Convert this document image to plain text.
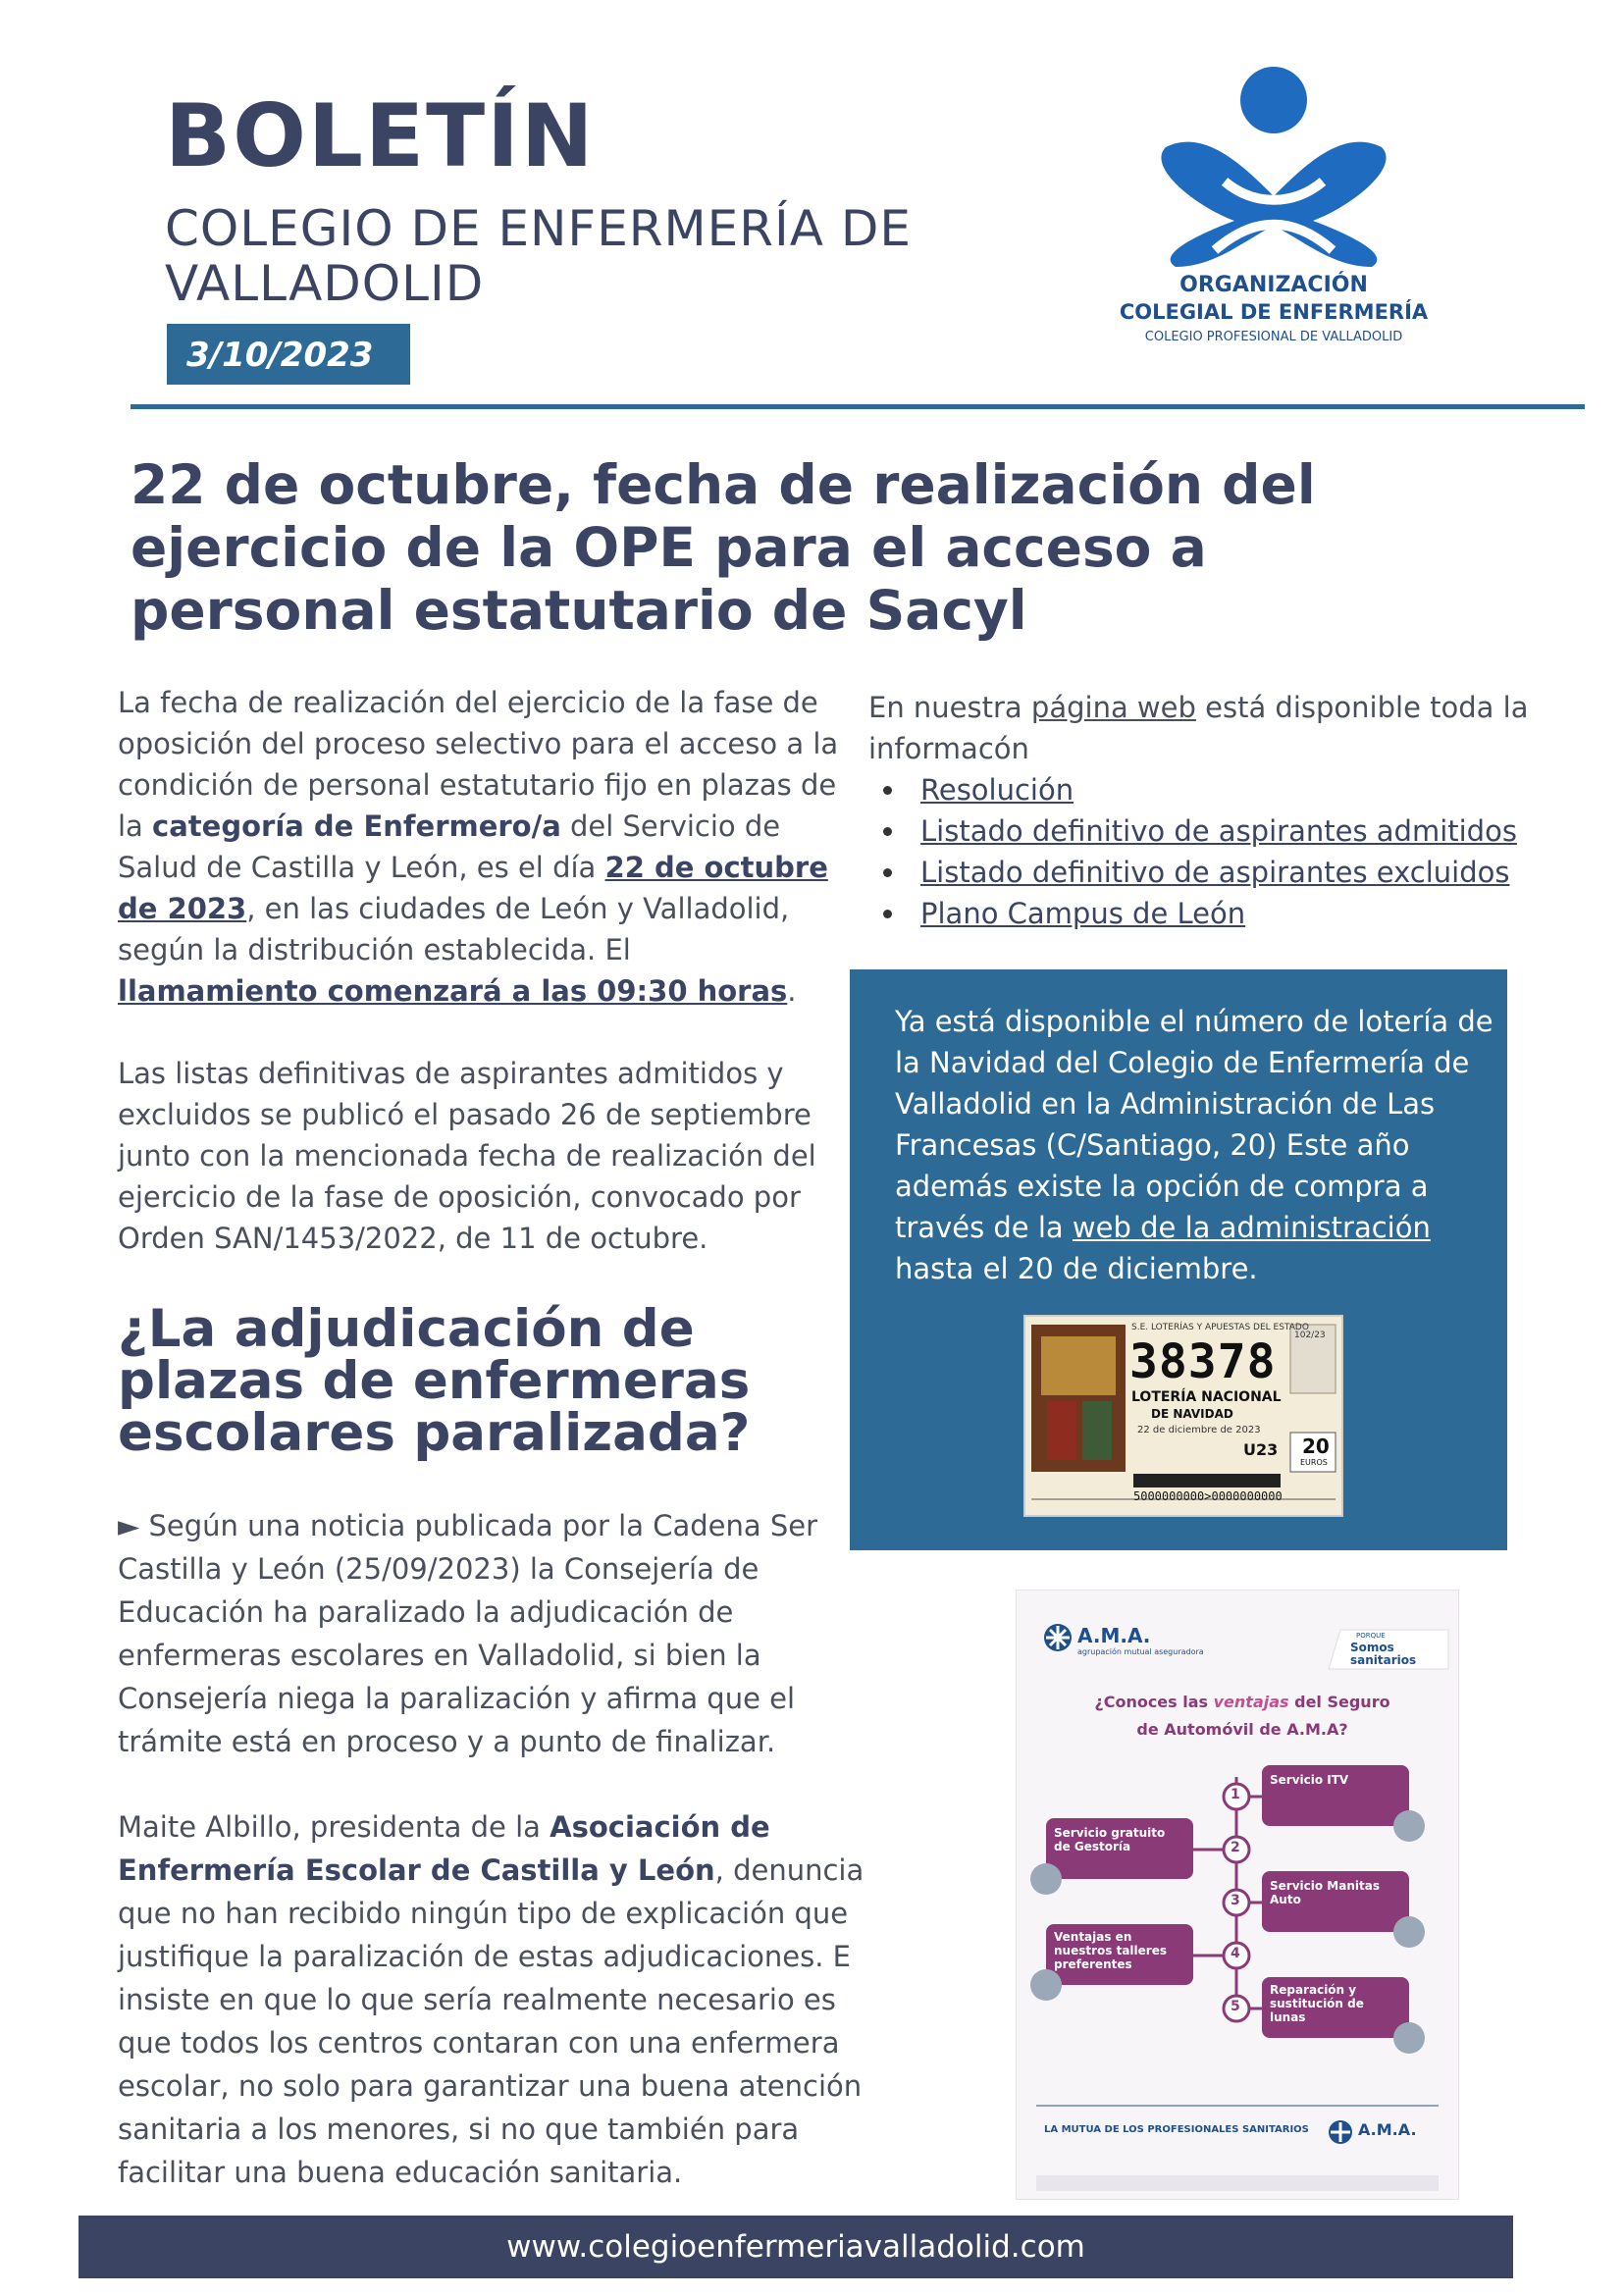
BOLETÍN
COLEGIO DE ENFERMERÍA DE VALLADOLID
3/10/2023
ORGANIZACIÓN
COLEGIAL DE ENFERMERÍA
COLEGIO PROFESIONAL DE VALLADOLID
22 de octubre, fecha de realización del ejercicio de la OPE para el acceso a personal estatutario de Sacyl
La fecha de realización del ejercicio de la fase de oposición del proceso selectivo para el acceso a la condición de personal estatutario fijo en plazas de la categoría de Enfermero/a del Servicio de Salud de Castilla y León, es el día 22 de octubre de 2023, en las ciudades de León y Valladolid, según la distribución establecida. El llamamiento comenzará a las 09:30 horas.
Las listas definitivas de aspirantes admitidos y excluidos se publicó el pasado 26 de septiembre junto con la mencionada fecha de realización del ejercicio de la fase de oposición, convocado por Orden SAN/1453/2022, de 11 de octubre.
En nuestra página web está disponible toda la informacón
Resolución
Listado definitivo de aspirantes admitidos
Listado definitivo de aspirantes excluidos
Plano Campus de León
Ya está disponible el número de lotería de la Navidad del Colegio de Enfermería de Valladolid en la Administración de Las Francesas (C/Santiago, 20) Este año además existe la opción de compra a través de la web de la administración hasta el 20 de diciembre.
S.E. LOTERÍAS Y APUESTAS DEL ESTADO
102/23
38378
LOTERÍA NACIONAL
DE NAVIDAD
22 de diciembre de 2023
U23 20
EUROS
5000000000>0000000000
¿La adjudicación de plazas de enfermeras escolares paralizada?
► Según una noticia publicada por la Cadena Ser Castilla y León (25/09/2023) la Consejería de Educación ha paralizado la adjudicación de enfermeras escolares en Valladolid, si bien la Consejería niega la paralización y afirma que el trámite está en proceso y a punto de finalizar.
Maite Albillo, presidenta de la Asociación de Enfermería Escolar de Castilla y León, denuncia que no han recibido ningún tipo de explicación que justifique la paralización de estas adjudicaciones. E insiste en que lo que sería realmente necesario es que todos los centros contaran con una enfermera escolar, no solo para garantizar una buena atención sanitaria a los menores, si no que también para facilitar una buena educación sanitaria.
A.M.A.
agrupación mutual aseguradora
PORQUE
Somos sanitarios
¿Conoces las ventajas del Seguro
de Automóvil de A.M.A?
Servicio ITV
Servicio gratuito de Gestoría
Servicio Manitas Auto
Ventajas en nuestros talleres preferentes
Reparación y sustitución de lunas
1
2
3
4
5
LA MUTUA DE LOS PROFESIONALES SANITARIOS	A.M.A.
www.colegioenfermeriavalladolid.com
